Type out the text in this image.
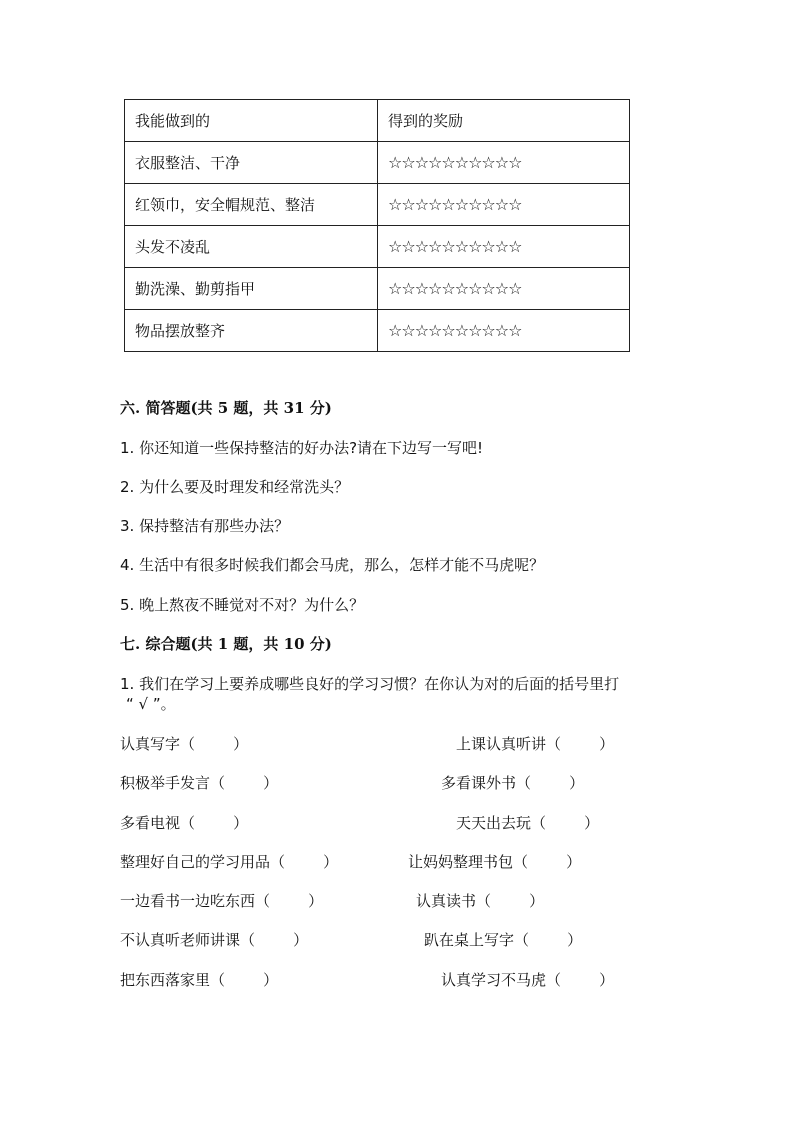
我能做到的	得到的奖励
衣服整洁、干净	☆☆☆☆☆☆☆☆☆☆
红领巾，安全帽规范、整洁	☆☆☆☆☆☆☆☆☆☆
头发不凌乱	☆☆☆☆☆☆☆☆☆☆
勤洗澡、勤剪指甲	☆☆☆☆☆☆☆☆☆☆
物品摆放整齐	☆☆☆☆☆☆☆☆☆☆
六. 简答题(共 5 题，共 31 分)
1. 你还知道一些保持整洁的好办法?请在下边写一写吧!
2. 为什么要及时理发和经常洗头？
3. 保持整洁有那些办法？
4. 生活中有很多时候我们都会马虎，那么，怎样才能不马虎呢？
5. 晚上熬夜不睡觉对不对？为什么？
七. 综合题(共 1 题，共 10 分)
1. 我们在学习上要养成哪些良好的学习习惯？在你认为对的后面的括号里打
“ √ ”。
认真写字（        ）	上课认真听讲（        ）
积极举手发言（        ）	多看课外书（        ）
多看电视（        ）	天天出去玩（        ）
整理好自己的学习用品（        ）	让妈妈整理书包（        ）
一边看书一边吃东西（        ）	认真读书（        ）
不认真听老师讲课（        ）	趴在桌上写字（        ）
把东西落家里（        ）	认真学习不马虎（        ）
